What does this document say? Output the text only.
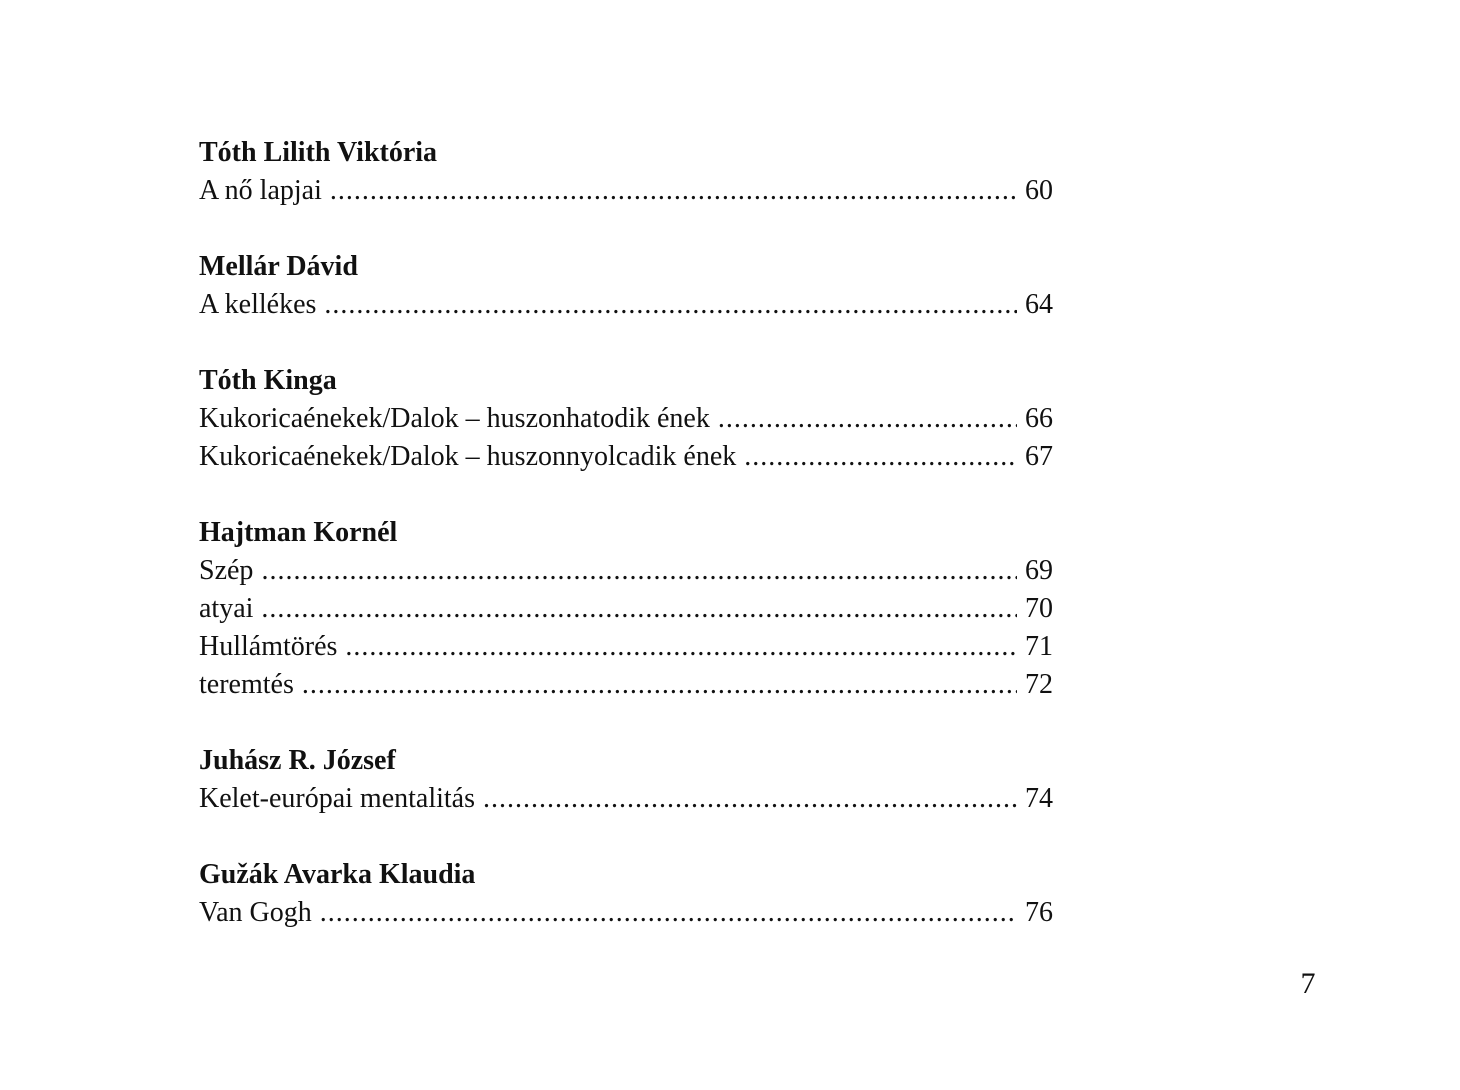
Tóth Lilith Viktória
A nő lapjai .....	60
Mellár Dávid
A kellékes .....	64
Tóth Kinga
Kukoricaénekek/Dalok – huszonhatodik ének .....	66
Kukoricaénekek/Dalok – huszonnyolcadik ének .....	67
Hajtman Kornél
Szép .....	69
atyai .....	70
Hullámtörés .....	71
teremtés .....	72
Juhász R. József
Kelet-európai mentalitás .....	74
Gužák Avarka Klaudia
Van Gogh .....	76
7
